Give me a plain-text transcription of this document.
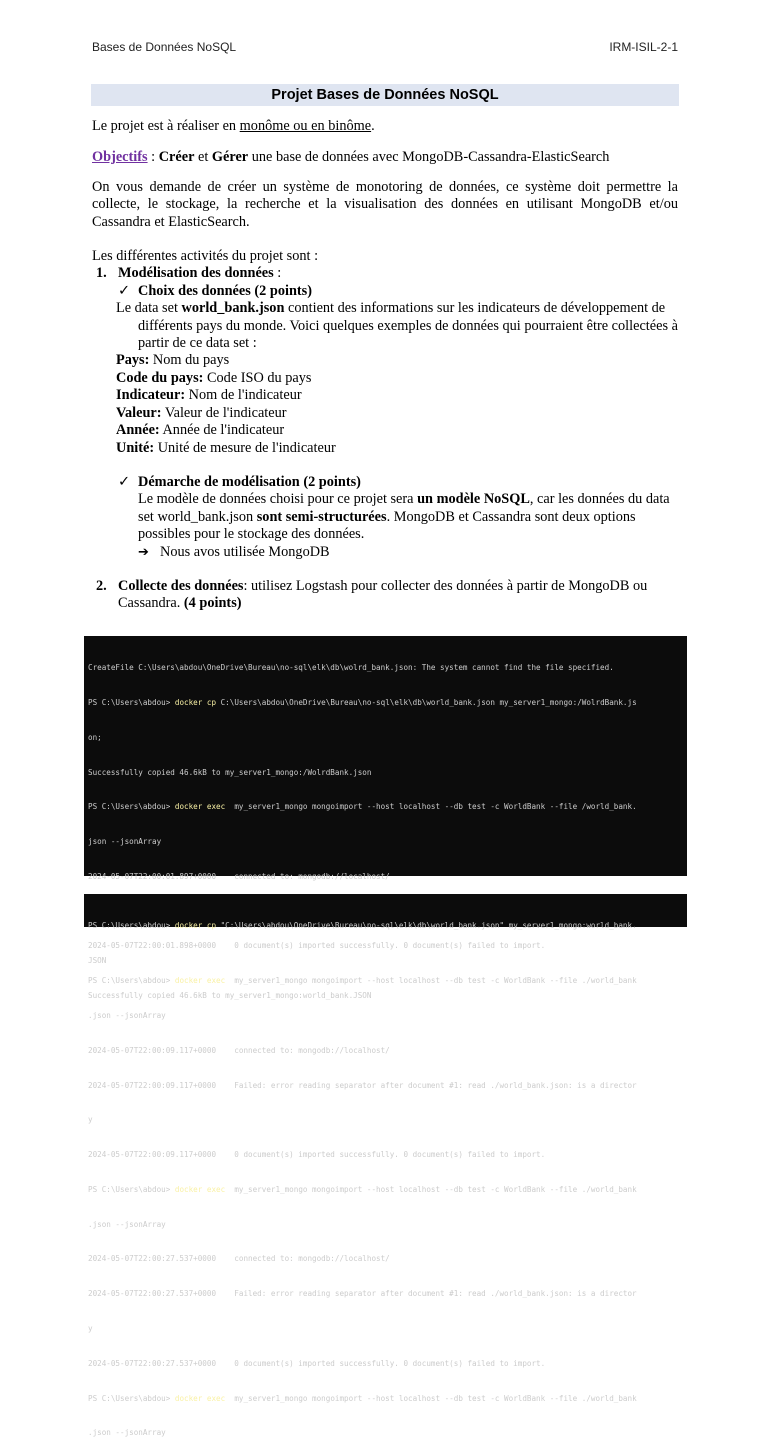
Bases de Données NoSQL	IRM-ISIL-2-1
Projet Bases de Données NoSQL

Le projet est à réaliser en monôme ou en binôme.

Objectifs : Créer et Gérer une base de données avec MongoDB-Cassandra-ElasticSearch

On vous demande de créer un système de monotoring de données, ce système doit permettre la collecte, le stockage, la recherche et la visualisation des données en utilisant MongoDB et/ou Cassandra et ElasticSearch.

Les différentes activités du projet sont :

1. Modélisation des données :
✓ Choix des données (2 points)
Le data set world_bank.json contient des informations sur les indicateurs de développement de différents pays du monde. Voici quelques exemples de données qui pourraient être collectées à partir de ce data set :
Pays: Nom du pays
Code du pays: Code ISO du pays
Indicateur: Nom de l'indicateur
Valeur: Valeur de l'indicateur
Année: Année de l'indicateur
Unité: Unité de mesure de l'indicateur
✓ Démarche de modélisation (2 points)
Le modèle de données choisi pour ce projet sera un modèle NoSQL, car les données du data set world_bank.json sont semi-structurées. MongoDB et Cassandra sont deux options possibles pour le stockage des données.
➔ Nous avos utilisée MongoDB
2. Collecte des données: utilisez Logstash pour collecter des données à partir de MongoDB ou Cassandra. (4 points)

CreateFile C:\Users\abdou\OneDrive\Bureau\no-sql\elk\db\wolrd_bank.json: The system cannot find the file specified.

PS C:\Users\abdou> docker cp C:\Users\abdou\OneDrive\Bureau\no-sql\elk\db\world_bank.json my_server1_mongo:/WolrdBank.js

on;

Successfully copied 46.6kB to my_server1_mongo:/WolrdBank.json

PS C:\Users\abdou> docker exec  my_server1_mongo mongoimport --host localhost --db test -c WorldBank --file /world_bank.

json --jsonArray

2024-05-07T22:00:01.897+0000    connected to: mongodb://localhost/

2024-05-07T22:00:01.898+0000    0 document(s) imported successfully. 0 document(s) failed to import.

PS C:\Users\abdou> docker exec  my_server1_mongo mongoimport --host localhost --db test -c WorldBank --file ./world_bank

.json --jsonArray

2024-05-07T22:00:09.117+0000    connected to: mongodb://localhost/

2024-05-07T22:00:09.117+0000    Failed: error reading separator after document #1: read ./world_bank.json: is a director

y

2024-05-07T22:00:09.117+0000    0 document(s) imported successfully. 0 document(s) failed to import.

PS C:\Users\abdou> docker exec  my_server1_mongo mongoimport --host localhost --db test -c WorldBank --file ./world_bank

.json --jsonArray

2024-05-07T22:00:27.537+0000    connected to: mongodb://localhost/

2024-05-07T22:00:27.537+0000    Failed: error reading separator after document #1: read ./world_bank.json: is a director

y

2024-05-07T22:00:27.537+0000    0 document(s) imported successfully. 0 document(s) failed to import.

PS C:\Users\abdou> docker exec  my_server1_mongo mongoimport --host localhost --db test -c WorldBank --file ./world_bank

.json --jsonArray

PS C:\Users\abdou> docker cp "C:\Users\abdou\OneDrive\Bureau\no-sql\elk\db\world_bank.json" my_server1_mongo:world_bank.

JSON

Successfully copied 46.6kB to my_server1_mongo:world_bank.JSON
